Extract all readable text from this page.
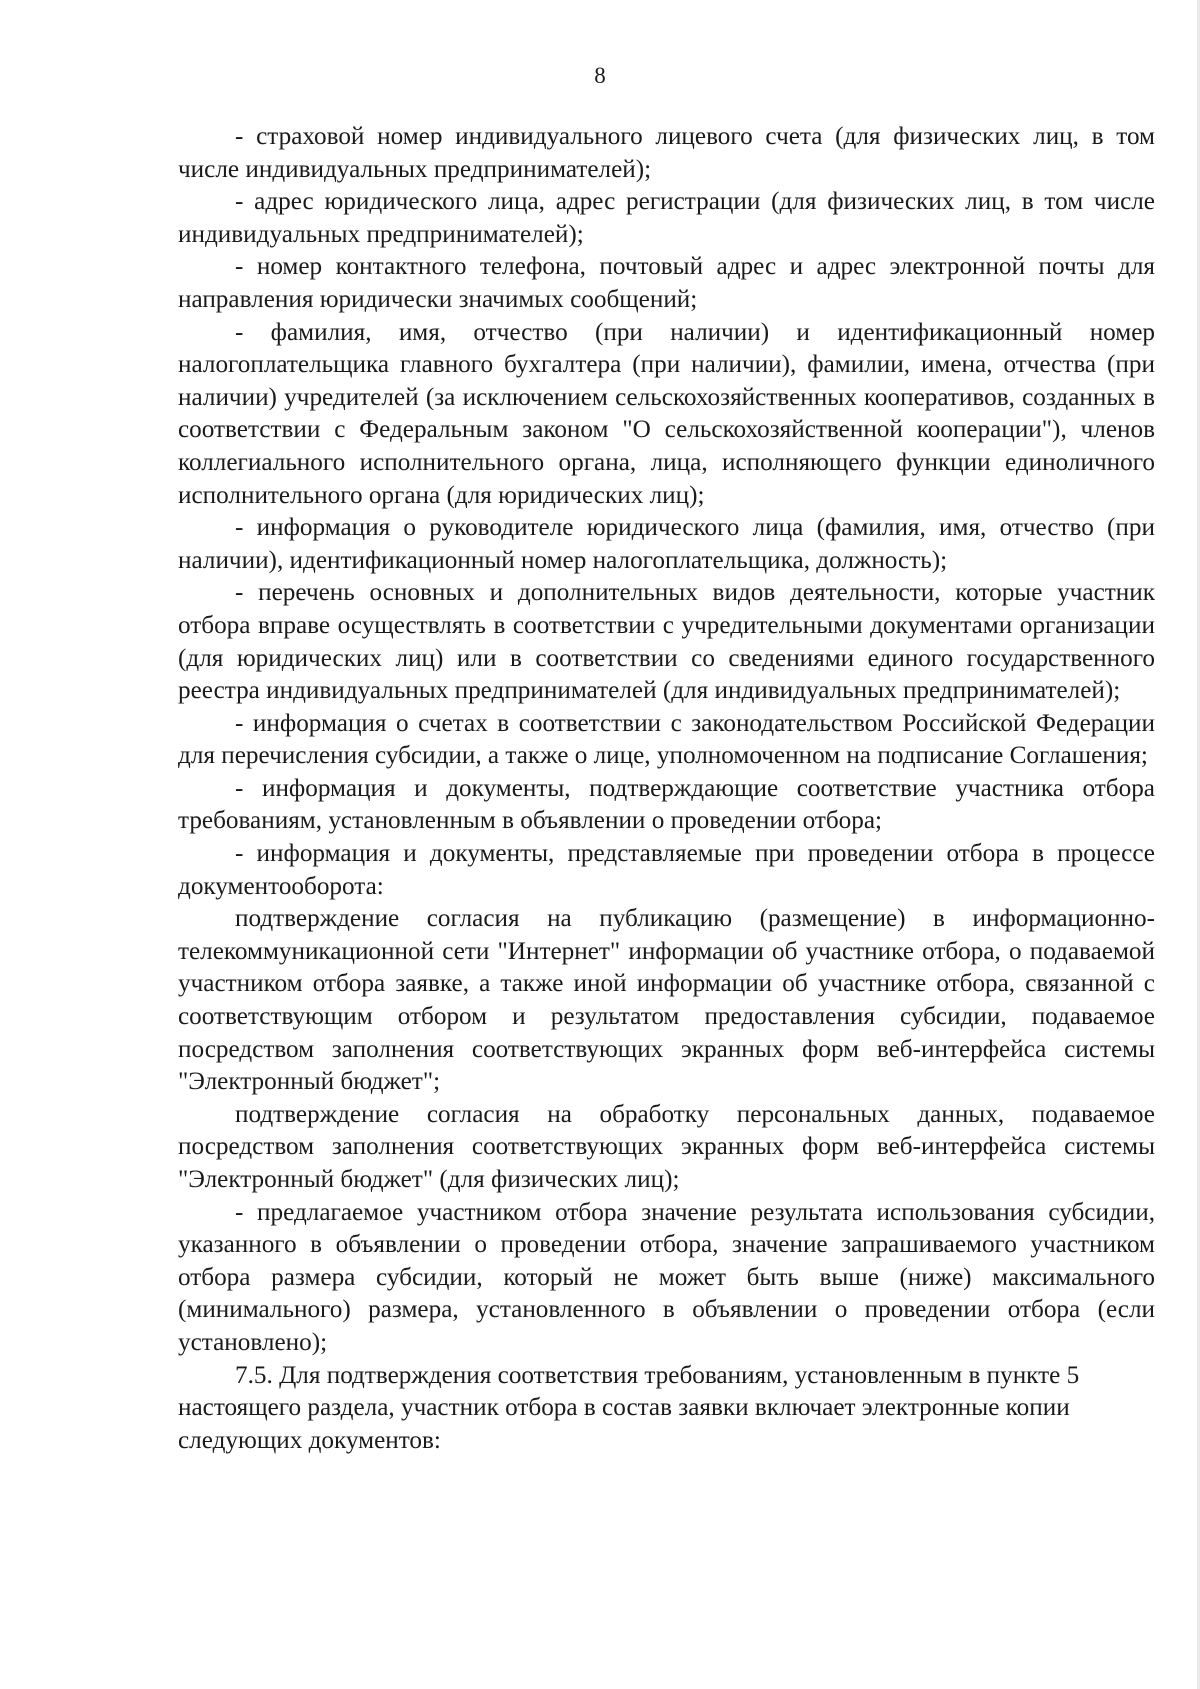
8

- страховой номер индивидуального лицевого счета (для физических лиц, в том числе индивидуальных предпринимателей);

- адрес юридического лица, адрес регистрации (для физических лиц, в том числе индивидуальных предпринимателей);

- номер контактного телефона, почтовый адрес и адрес электронной почты для направления юридически значимых сообщений;

- фамилия, имя, отчество (при наличии) и идентификационный номер налогоплательщика главного бухгалтера (при наличии), фамилии, имена, отчества (при наличии) учредителей (за исключением сельскохозяйственных кооперативов, созданных в соответствии с Федеральным законом "О сельскохозяйственной кооперации"), членов коллегиального исполнительного органа, лица, исполняющего функции единоличного исполнительного органа (для юридических лиц);

- информация о руководителе юридического лица (фамилия, имя, отчество (при наличии), идентификационный номер налогоплательщика, должность);

- перечень основных и дополнительных видов деятельности, которые участник отбора вправе осуществлять в соответствии с учредительными документами организации (для юридических лиц) или в соответствии со сведениями единого государственного реестра индивидуальных предпринимателей (для индивидуальных предпринимателей);

- информация о счетах в соответствии с законодательством Российской Федерации для перечисления субсидии, а также о лице, уполномоченном на подписание Соглашения;

- информация и документы, подтверждающие соответствие участника отбора требованиям, установленным в объявлении о проведении отбора;

- информация и документы, представляемые при проведении отбора в процессе документооборота:

подтверждение согласия на публикацию (размещение) в информационно-телекоммуникационной сети "Интернет" информации об участнике отбора, о подаваемой участником отбора заявке, а также иной информации об участнике отбора, связанной с соответствующим отбором и результатом предоставления субсидии, подаваемое посредством заполнения соответствующих экранных форм веб-интерфейса системы "Электронный бюджет";

подтверждение согласия на обработку персональных данных, подаваемое посредством заполнения соответствующих экранных форм веб-интерфейса системы "Электронный бюджет" (для физических лиц);

- предлагаемое участником отбора значение результата использования субсидии, указанного в объявлении о проведении отбора, значение запрашиваемого участником отбора размера субсидии, который не может быть выше (ниже) максимального (минимального) размера, установленного в объявлении о проведении отбора (если установлено);

7.5. Для подтверждения соответствия требованиям, установленным в пункте 5 настоящего раздела, участник отбора в состав заявки включает электронные копии следующих документов:
